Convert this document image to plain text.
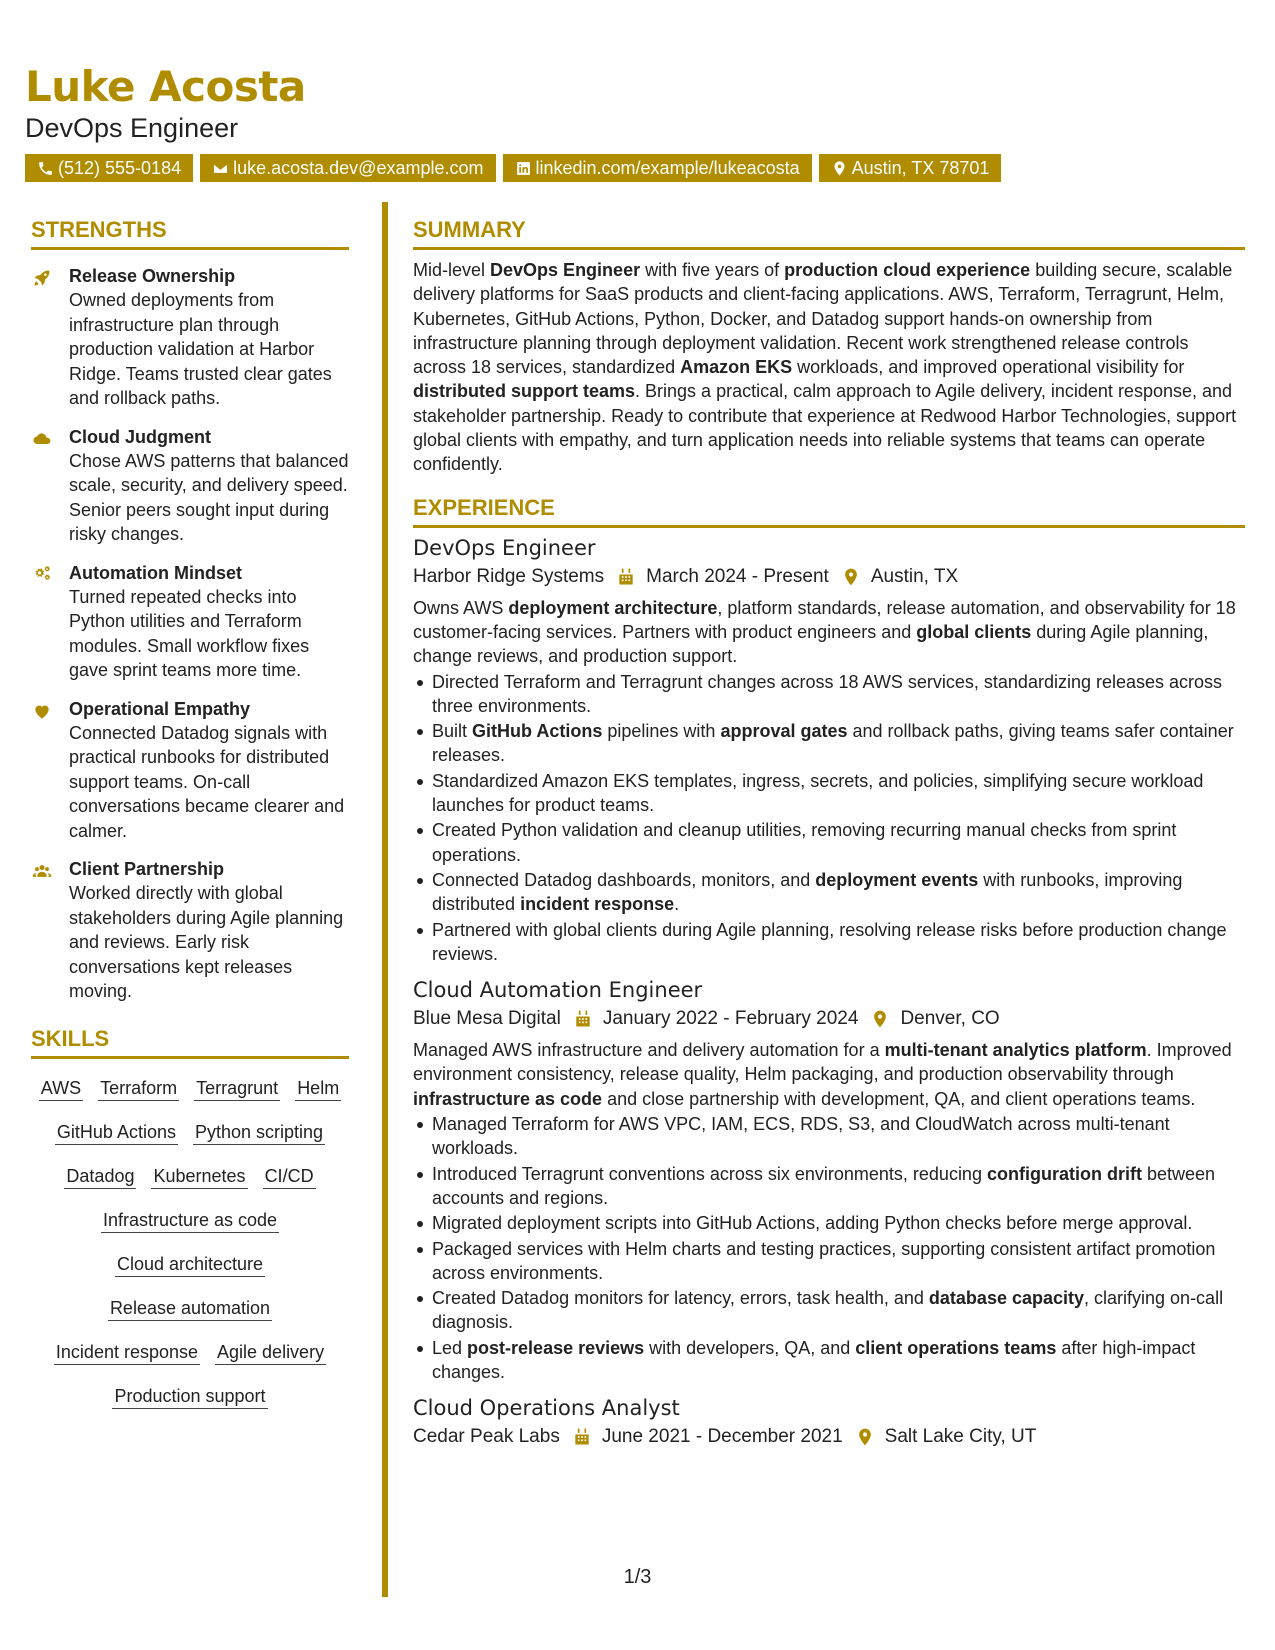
Luke Acosta
DevOps Engineer
(512) 555-0184	luke.acosta.dev@example.com	linkedin.com/example/lukeacosta	Austin, TX 78701
STRENGTHS
Release Ownership
Owned deployments from infrastructure plan through production validation at Harbor Ridge. Teams trusted clear gates and rollback paths.
Cloud Judgment
Chose AWS patterns that balanced scale, security, and delivery speed. Senior peers sought input during risky changes.
Automation Mindset
Turned repeated checks into Python utilities and Terraform modules. Small workflow fixes gave sprint teams more time.
Operational Empathy
Connected Datadog signals with practical runbooks for distributed support teams. On-call conversations became clearer and calmer.
Client Partnership
Worked directly with global stakeholders during Agile planning and reviews. Early risk conversations kept releases moving.
SKILLS
AWS Terraform Terragrunt Helm
GitHub Actions Python scripting
Datadog Kubernetes CI/CD
Infrastructure as code
Cloud architecture
Release automation
Incident response Agile delivery
Production support
SUMMARY

Mid-level DevOps Engineer with five years of production cloud experience building secure, scalable delivery platforms for SaaS products and client-facing applications. AWS, Terraform, Terragrunt, Helm, Kubernetes, GitHub Actions, Python, Docker, and Datadog support hands-on ownership from infrastructure planning through deployment validation. Recent work strengthened release controls across 18 services, standardized Amazon EKS workloads, and improved operational visibility for distributed support teams. Brings a practical, calm approach to Agile delivery, incident response, and stakeholder partnership. Ready to contribute that experience at Redwood Harbor Technologies, support global clients with empathy, and turn application needs into reliable systems that teams can operate confidently.

EXPERIENCE
DevOps Engineer
Harbor Ridge Systems March 2024 - Present Austin, TX

Owns AWS deployment architecture, platform standards, release automation, and observability for 18 customer-facing services. Partners with product engineers and global clients during Agile planning, change reviews, and production support.

Directed Terraform and Terragrunt changes across 18 AWS services, standardizing releases across three environments.
Built GitHub Actions pipelines with approval gates and rollback paths, giving teams safer container releases.
Standardized Amazon EKS templates, ingress, secrets, and policies, simplifying secure workload launches for product teams.
Created Python validation and cleanup utilities, removing recurring manual checks from sprint operations.
Connected Datadog dashboards, monitors, and deployment events with runbooks, improving distributed incident response.
Partnered with global clients during Agile planning, resolving release risks before production change reviews.
Cloud Automation Engineer
Blue Mesa Digital January 2022 - February 2024 Denver, CO

Managed AWS infrastructure and delivery automation for a multi-tenant analytics platform. Improved environment consistency, release quality, Helm packaging, and production observability through infrastructure as code and close partnership with development, QA, and client operations teams.

Managed Terraform for AWS VPC, IAM, ECS, RDS, S3, and CloudWatch across multi-tenant workloads.
Introduced Terragrunt conventions across six environments, reducing configuration drift between accounts and regions.
Migrated deployment scripts into GitHub Actions, adding Python checks before merge approval.
Packaged services with Helm charts and testing practices, supporting consistent artifact promotion across environments.
Created Datadog monitors for latency, errors, task health, and database capacity, clarifying on-call diagnosis.
Led post-release reviews with developers, QA, and client operations teams after high-impact changes.
Cloud Operations Analyst
Cedar Peak Labs June 2021 - December 2021 Salt Lake City, UT
1/3
